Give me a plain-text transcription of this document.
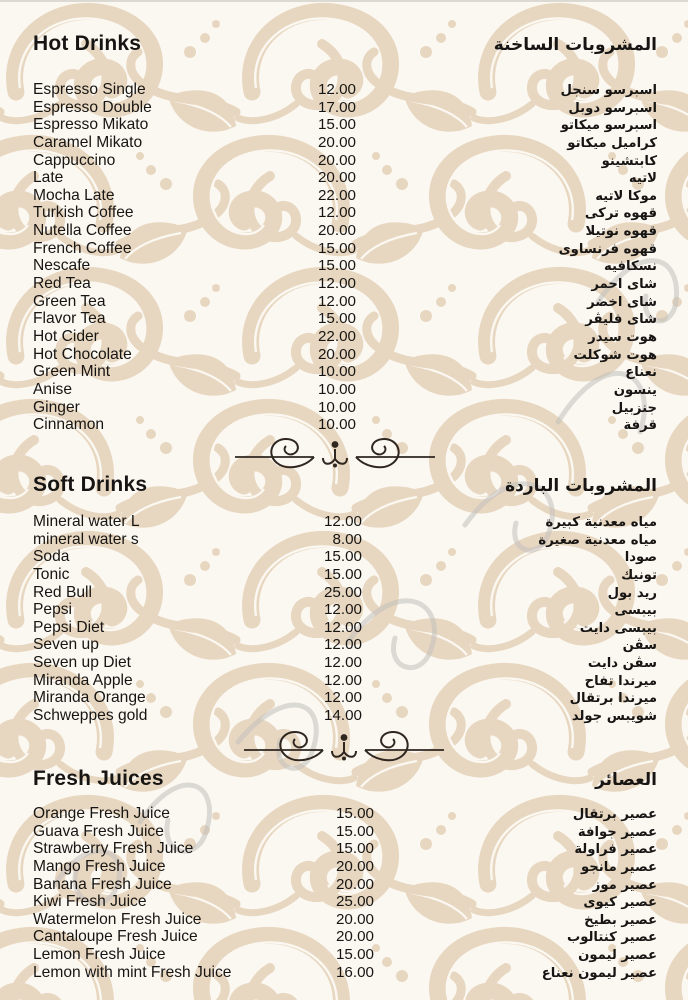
Hot Drinks	المشروبات الساخنة
Espresso Single	12.00	اسبرسو سنجل
Espresso Double	17.00	اسبرسو دوبل
Espresso Mikato	15.00	اسبرسو ميكاتو
Caramel Mikato	20.00	كراميل ميكاتو
Cappuccino	20.00	كابتشينو
Late	20.00	لاتيه
Mocha Late	22.00	موكا لاتيه
Turkish Coffee	12.00	قهوه تركى
Nutella Coffee	20.00	قهوه نوتيلا
French Coffee	15.00	قهوه فرنساوى
Nescafe	15.00	نسكافيه
Red Tea	12.00	شاى احمر
Green Tea	12.00	شاى اخضر
Flavor Tea	15.00	شاى فليڤر
Hot Cider	22.00	هوت سيدر
Hot Chocolate	20.00	هوت شوكلت
Green Mint	10.00	نعناع
Anise	10.00	ينسون
Ginger	10.00	جنزبيل
Cinnamon	10.00	قرفة
Soft Drinks	المشروبات الباردة
Mineral water L	12.00	مياه معدنية كبيرة
mineral water s	8.00	مياه معدنية صغيرة
Soda	15.00	صودا
Tonic	15.00	تونيك
Red Bull	25.00	ريد بول
Pepsi	12.00	بيبسى
Pepsi Diet	12.00	بيبسى دايت
Seven up	12.00	سڤن
Seven up Diet	12.00	سڤن دايت
Miranda Apple	12.00	ميرندا تفاح
Miranda Orange	12.00	ميرندا برتقال
Schweppes gold	14.00	شويبس جولد
Fresh Juices	العصائر
Orange Fresh Juice	15.00	عصير برتقال
Guava Fresh Juice	15.00	عصير جوافة
Strawberry Fresh Juice	15.00	عصير فراولة
Mango Fresh Juice	20.00	عصير مانجو
Banana Fresh Juice	20.00	عصير موز
Kiwi Fresh Juice	25.00	عصير كيوى
Watermelon Fresh Juice	20.00	عصير بطيخ
Cantaloupe Fresh Juice	20.00	عصير كنتالوب
Lemon Fresh Juice	15.00	عصير ليمون
Lemon with mint Fresh Juice	16.00	عصير ليمون نعناع
